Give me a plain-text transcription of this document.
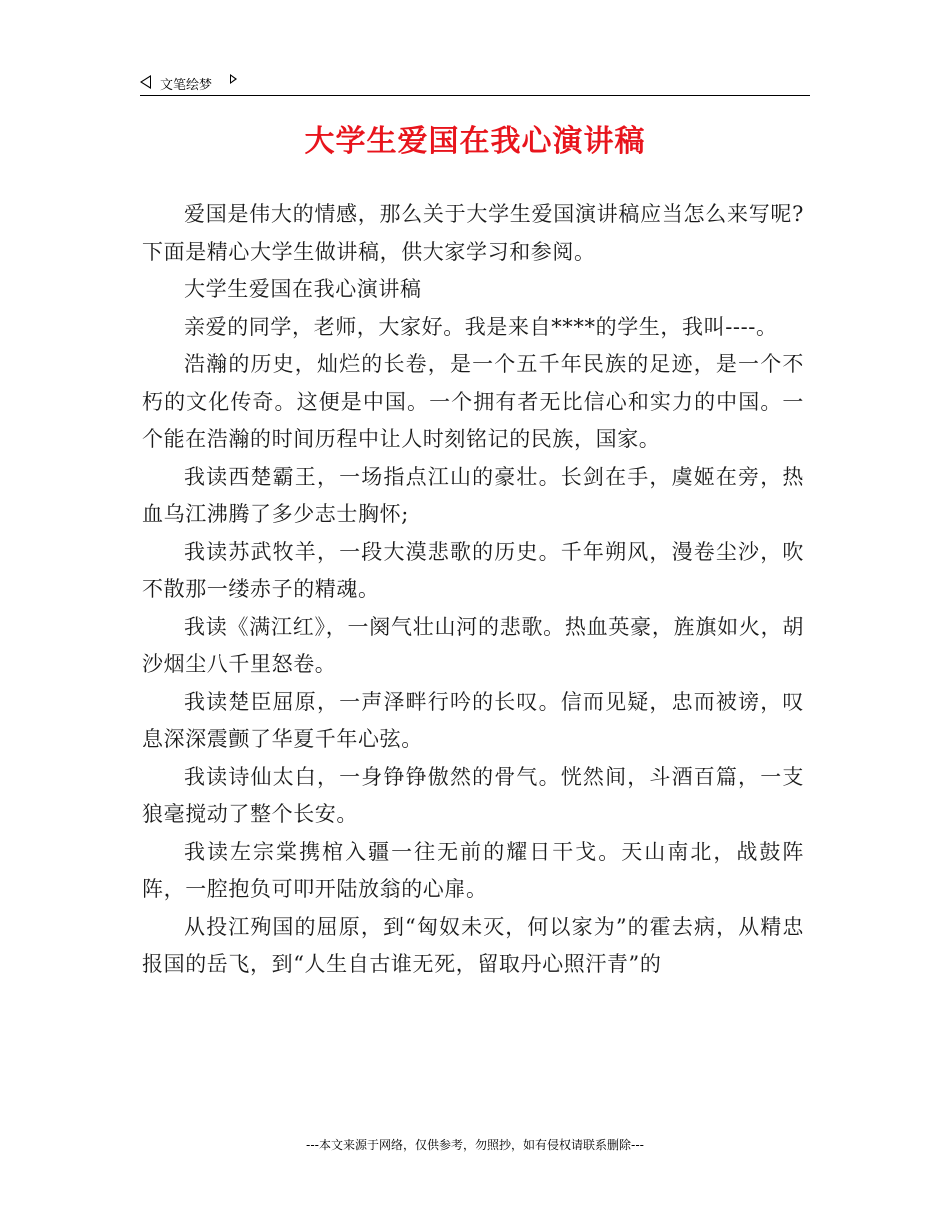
文笔绘梦
大学生爱国在我心演讲稿

爱国是伟大的情感，那么关于大学生爱国演讲稿应当怎么来写呢?下面是精心大学生做讲稿，供大家学习和参阅。

大学生爱国在我心演讲稿

亲爱的同学，老师，大家好。我是来自****的学生，我叫----。

浩瀚的历史，灿烂的长卷，是一个五千年民族的足迹，是一个不朽的文化传奇。这便是中国。一个拥有者无比信心和实力的中国。一个能在浩瀚的时间历程中让人时刻铭记的民族，国家。

我读西楚霸王，一场指点江山的豪壮。长剑在手，虞姬在旁，热血乌江沸腾了多少志士胸怀;

我读苏武牧羊，一段大漠悲歌的历史。千年朔风，漫卷尘沙，吹不散那一缕赤子的精魂。

我读《满江红》，一阕气壮山河的悲歌。热血英豪，旌旗如火，胡沙烟尘八千里怒卷。

我读楚臣屈原，一声泽畔行吟的长叹。信而见疑，忠而被谤，叹息深深震颤了华夏千年心弦。

我读诗仙太白，一身铮铮傲然的骨气。恍然间，斗酒百篇，一支狼毫搅动了整个长安。

我读左宗棠携棺入疆一往无前的耀日干戈。天山南北，战鼓阵阵，一腔抱负可叩开陆放翁的心扉。

从投江殉国的屈原，到“匈奴未灭，何以家为”的霍去病，从精忠报国的岳飞，到“人生自古谁无死，留取丹心照汗青”的

---本文来源于网络，仅供参考，勿照抄，如有侵权请联系删除---
